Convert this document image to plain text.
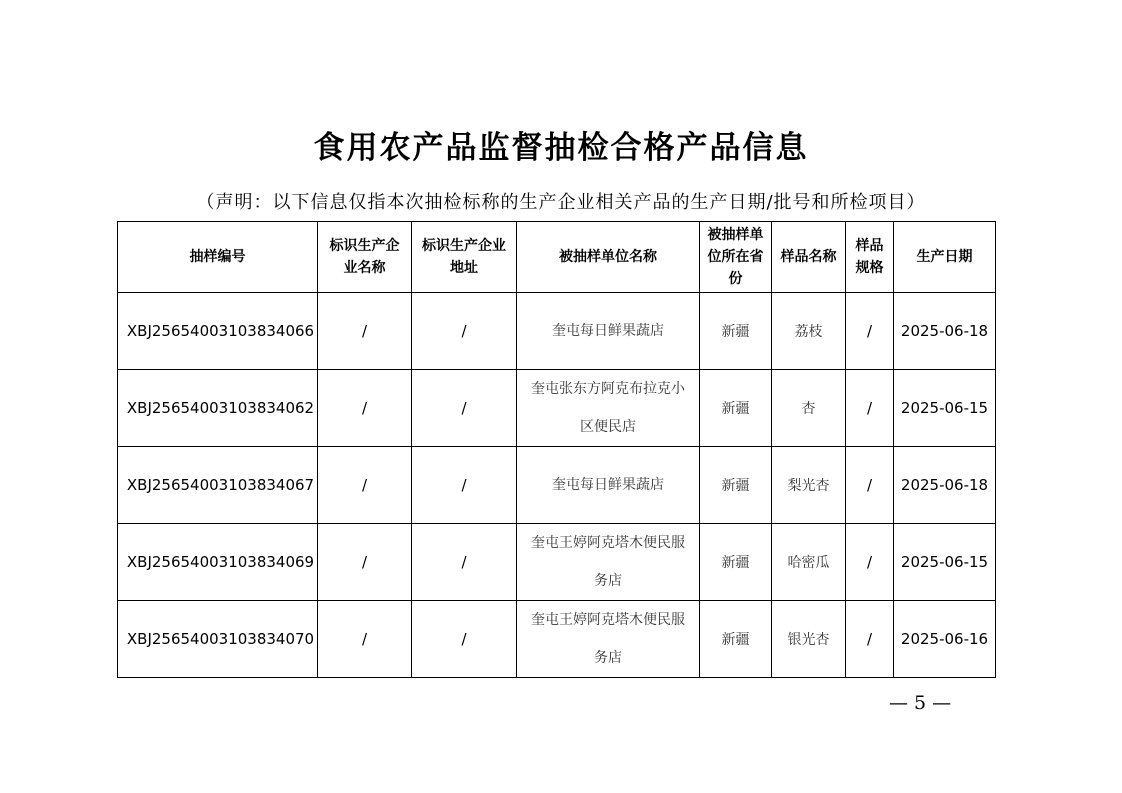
食用农产品监督抽检合格产品信息
（声明：以下信息仅指本次抽检标称的生产企业相关产品的生产日期/批号和所检项目）
抽样编号	标识生产企业名称	标识生产企业地址	被抽样单位名称	被抽样单位所在省份	样品名称	样品规格	生产日期

XBJ25654003103834066	/	/	奎屯每日鲜果蔬店	新疆	荔枝	/	2025-06-18

XBJ25654003103834062	/	/	奎屯张东方阿克布拉克小区便民店	新疆	杏	/	2025-06-15

XBJ25654003103834067	/	/	奎屯每日鲜果蔬店	新疆	梨光杏	/	2025-06-18

XBJ25654003103834069	/	/	奎屯王婷阿克塔木便民服务店	新疆	哈密瓜	/	2025-06-15

XBJ25654003103834070	/	/	奎屯王婷阿克塔木便民服务店	新疆	银光杏	/	2025-06-16
— 5 —
